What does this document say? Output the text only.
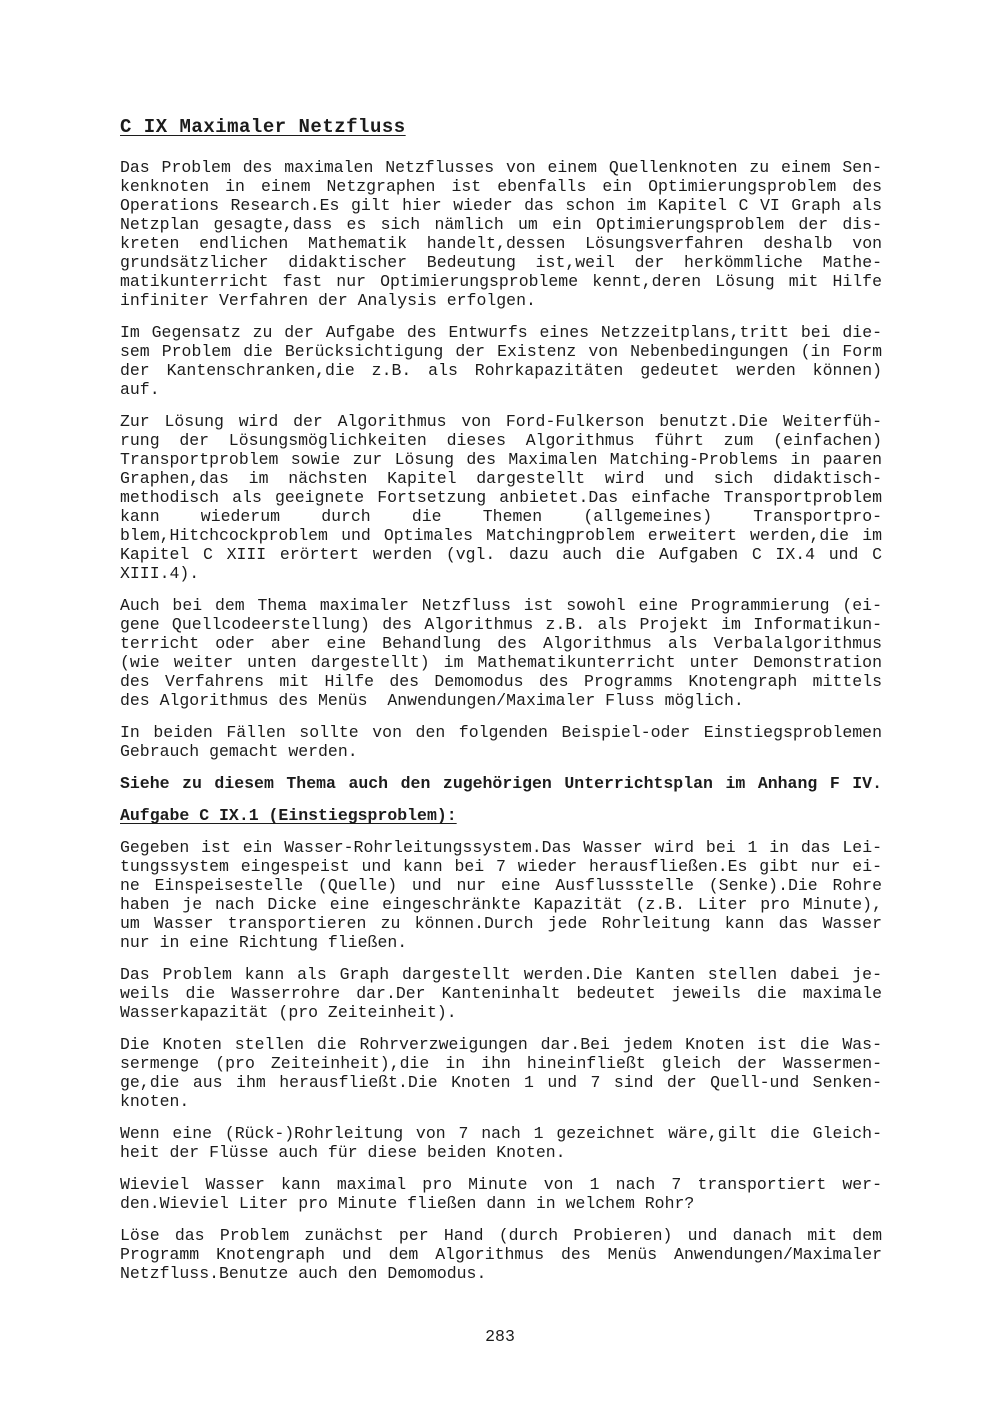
C IX Maximaler Netzfluss
Das Problem des maximalen Netzflusses von einem Quellenknoten zu einem Sen-
kenknoten in einem Netzgraphen ist ebenfalls ein Optimierungsproblem des
Operations Research.Es gilt hier wieder das schon im Kapitel C VI Graph als
Netzplan gesagte,dass es sich nämlich um ein Optimierungsproblem der dis-
kreten endlichen Mathematik handelt,dessen Lösungsverfahren deshalb von
grundsätzlicher didaktischer Bedeutung ist,weil der herkömmliche Mathe-
matikunterricht fast nur Optimierungsprobleme kennt,deren Lösung mit Hilfe
infiniter Verfahren der Analysis erfolgen.
Im Gegensatz zu der Aufgabe des Entwurfs eines Netzzeitplans,tritt bei die-
sem Problem die Berücksichtigung der Existenz von Nebenbedingungen (in Form
der Kantenschranken,die z.B. als Rohrkapazitäten gedeutet werden können)
auf.
Zur Lösung wird der Algorithmus von Ford-Fulkerson benutzt.Die Weiterfüh-
rung der Lösungsmöglichkeiten dieses Algorithmus führt zum (einfachen)
Transportproblem sowie zur Lösung des Maximalen Matching-Problems in paaren
Graphen,das im nächsten Kapitel dargestellt wird und sich didaktisch-
methodisch als geeignete Fortsetzung anbietet.Das einfache Transportproblem
kann wiederum durch die Themen (allgemeines) Transportpro-
blem,Hitchcockproblem und Optimales Matchingproblem erweitert werden,die im
Kapitel C XIII erörtert werden (vgl. dazu auch die Aufgaben C IX.4 und C
XIII.4).
Auch bei dem Thema maximaler Netzfluss ist sowohl eine Programmierung (ei-
gene Quellcodeerstellung) des Algorithmus z.B. als Projekt im Informatikun-
terricht oder aber eine Behandlung des Algorithmus als Verbalalgorithmus
(wie weiter unten dargestellt) im Mathematikunterricht unter Demonstration
des Verfahrens mit Hilfe des Demomodus des Programms Knotengraph mittels
des Algorithmus des Menüs  Anwendungen/Maximaler Fluss möglich.
In beiden Fällen sollte von den folgenden Beispiel-oder Einstiegsproblemen
Gebrauch gemacht werden.
Siehe zu diesem Thema auch den zugehörigen Unterrichtsplan im Anhang F IV.
Aufgabe C IX.1 (Einstiegsproblem):
Gegeben ist ein Wasser-Rohrleitungssystem.Das Wasser wird bei 1 in das Lei-
tungssystem eingespeist und kann bei 7 wieder herausfließen.Es gibt nur ei-
ne Einspeisestelle (Quelle) und nur eine Ausflussstelle (Senke).Die Rohre
haben je nach Dicke eine eingeschränkte Kapazität (z.B. Liter pro Minute),
um Wasser transportieren zu können.Durch jede Rohrleitung kann das Wasser
nur in eine Richtung fließen.
Das Problem kann als Graph dargestellt werden.Die Kanten stellen dabei je-
weils die Wasserrohre dar.Der Kanteninhalt bedeutet jeweils die maximale
Wasserkapazität (pro Zeiteinheit).
Die Knoten stellen die Rohrverzweigungen dar.Bei jedem Knoten ist die Was-
sermenge (pro Zeiteinheit),die in ihn hineinfließt gleich der Wassermen-
ge,die aus ihm herausfließt.Die Knoten 1 und 7 sind der Quell-und Senken-
knoten.
Wenn eine (Rück-)Rohrleitung von 7 nach 1 gezeichnet wäre,gilt die Gleich-
heit der Flüsse auch für diese beiden Knoten.
Wieviel Wasser kann maximal pro Minute von 1 nach 7 transportiert wer-
den.Wieviel Liter pro Minute fließen dann in welchem Rohr?
Löse das Problem zunächst per Hand (durch Probieren) und danach mit dem
Programm Knotengraph und dem Algorithmus des Menüs Anwendungen/Maximaler
Netzfluss.Benutze auch den Demomodus.
283
